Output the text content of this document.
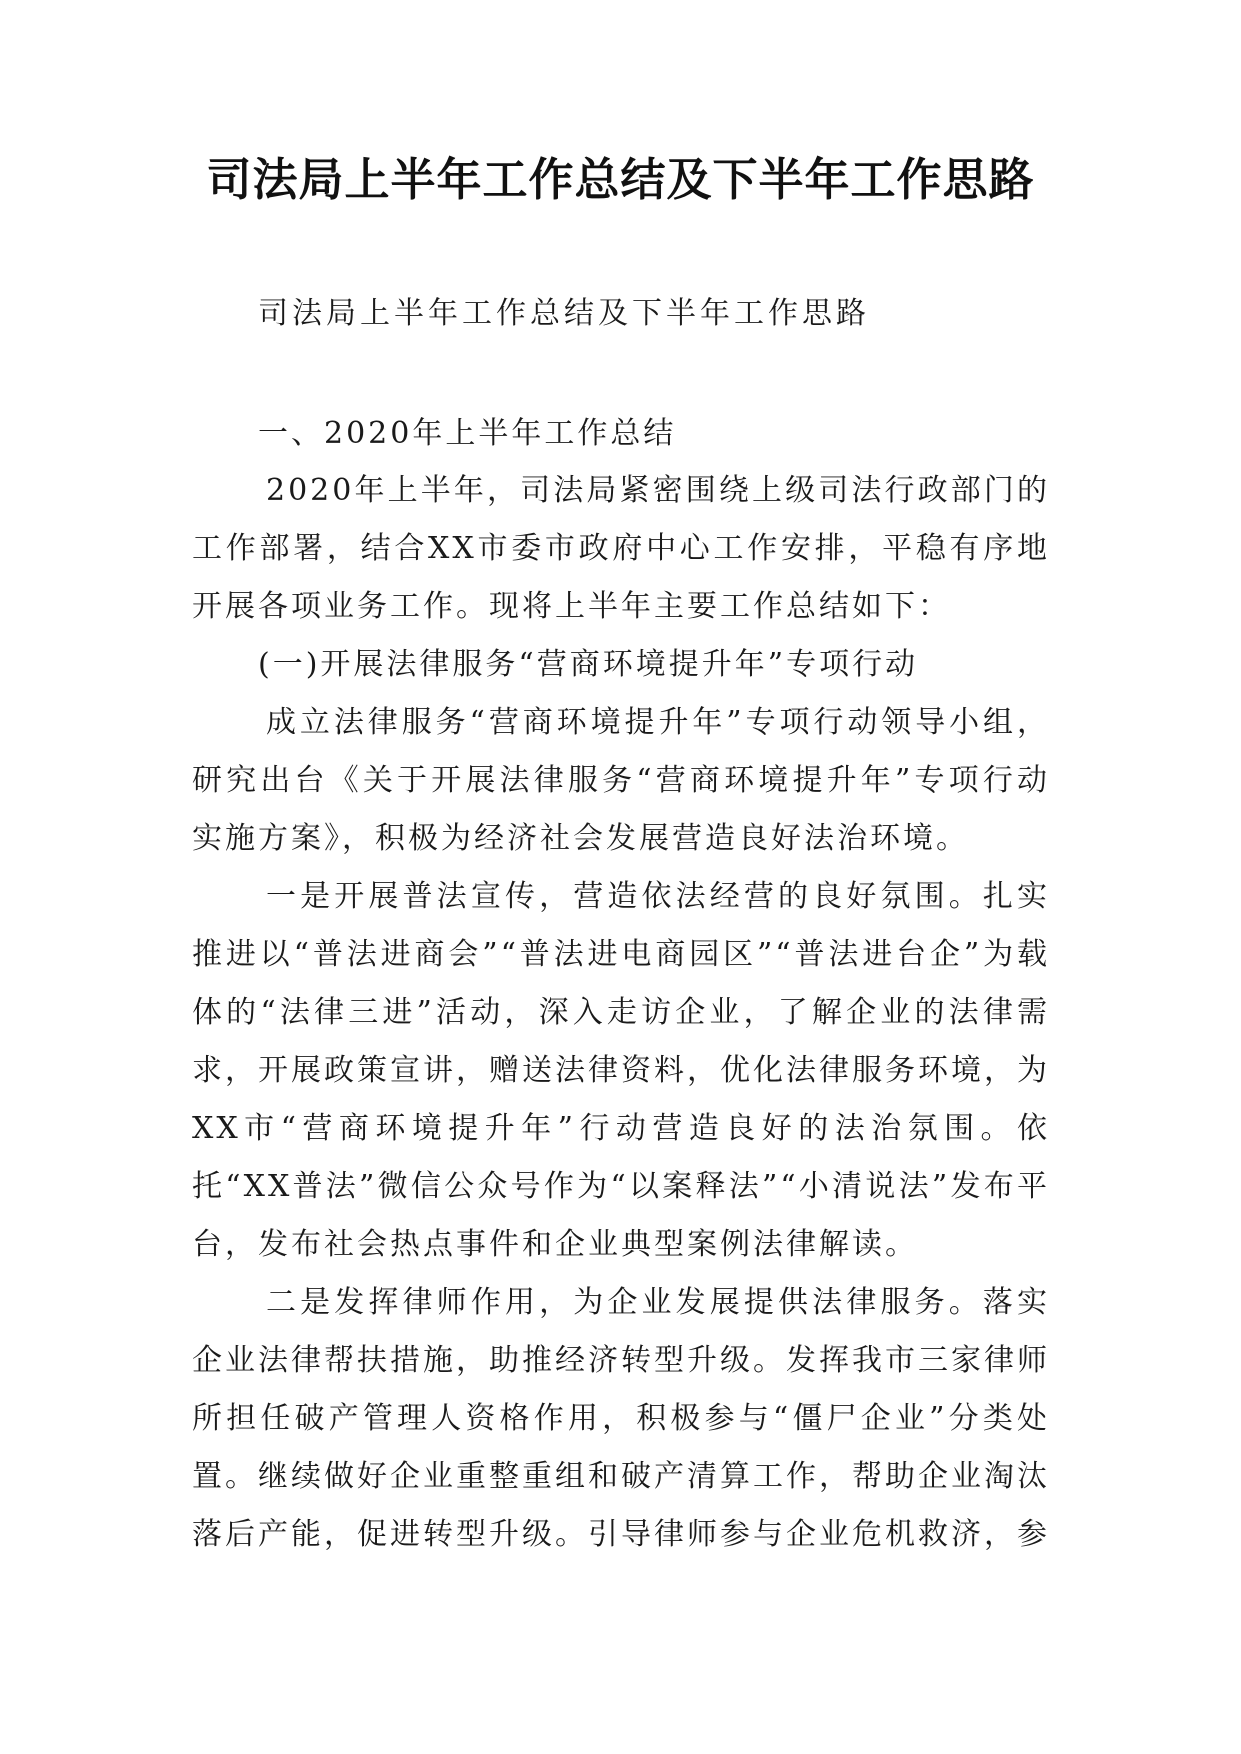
司法局上半年工作总结及下半年工作思路
司法局上半年工作总结及下半年工作思路
一、2020年上半年工作总结

2020年上半年，司法局紧密围绕上级司法行政部门的工作部署，结合XX市委市政府中心工作安排，平稳有序地开展各项业务工作。现将上半年主要工作总结如下：

(一)开展法律服务“营商环境提升年”专项行动

成立法律服务“营商环境提升年”专项行动领导小组，研究出台《关于开展法律服务“营商环境提升年”专项行动实施方案》，积极为经济社会发展营造良好法治环境。

一是开展普法宣传，营造依法经营的良好氛围。扎实推进以“普法进商会”“普法进电商园区”“普法进台企”为载体的“法律三进”活动，深入走访企业，了解企业的法律需求，开展政策宣讲，赠送法律资料，优化法律服务环境，为XX市“营商环境提升年”行动营造良好的法治氛围。依托“XX普法”微信公众号作为“以案释法”“小清说法”发布平台，发布社会热点事件和企业典型案例法律解读。

二是发挥律师作用，为企业发展提供法律服务。落实企业法律帮扶措施，助推经济转型升级。发挥我市三家律师所担任破产管理人资格作用，积极参与“僵尸企业”分类处置。继续做好企业重整重组和破产清算工作，帮助企业淘汰落后产能，促进转型升级。引导律师参与企业危机救济，参
